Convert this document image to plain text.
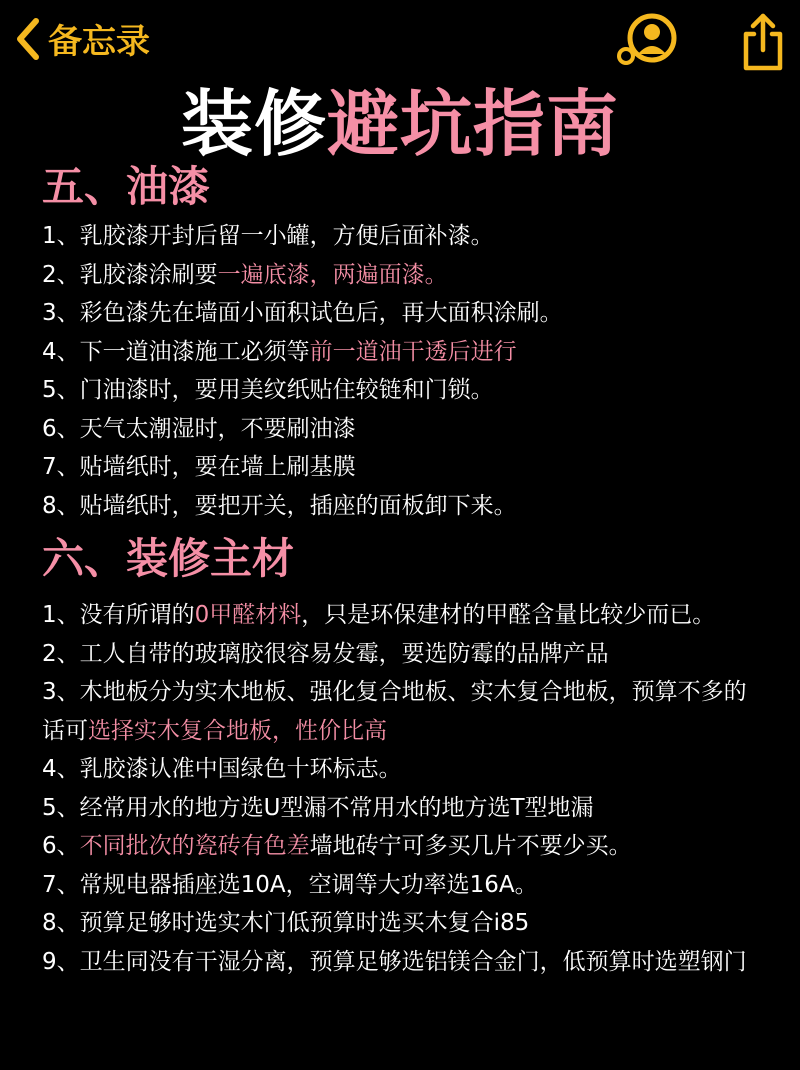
备忘录
装修避坑指南
五、油漆
1、乳胶漆开封后留一小罐，方便后面补漆。
2、乳胶漆涂刷要一遍底漆，两遍面漆。
3、彩色漆先在墙面小面积试色后，再大面积涂刷。
4、下一道油漆施工必须等前一道油干透后进行
5、门油漆时，要用美纹纸贴住较链和门锁。
6、天气太潮湿时，不要刷油漆
7、贴墙纸时，要在墙上刷基膜
8、贴墙纸时，要把开关，插座的面板卸下来。
六、装修主材
1、没有所谓的0甲醛材料，只是环保建材的甲醛含量比较少而已。
2、工人自带的玻璃胶很容易发霉，要选防霉的品牌产品
3、木地板分为实木地板、强化复合地板、实木复合地板，预算不多的话可选择实木复合地板，性价比高
4、乳胶漆认准中国绿色十环标志。
5、经常用水的地方选U型漏不常用水的地方选T型地漏
6、不同批次的瓷砖有色差墙地砖宁可多买几片不要少买。
7、常规电器插座选10A，空调等大功率选16A。
8、预算足够时选实木门低预算时选买木复合i85
9、卫生同没有干湿分离，预算足够选铝镁合金门，低预算时选塑钢门
